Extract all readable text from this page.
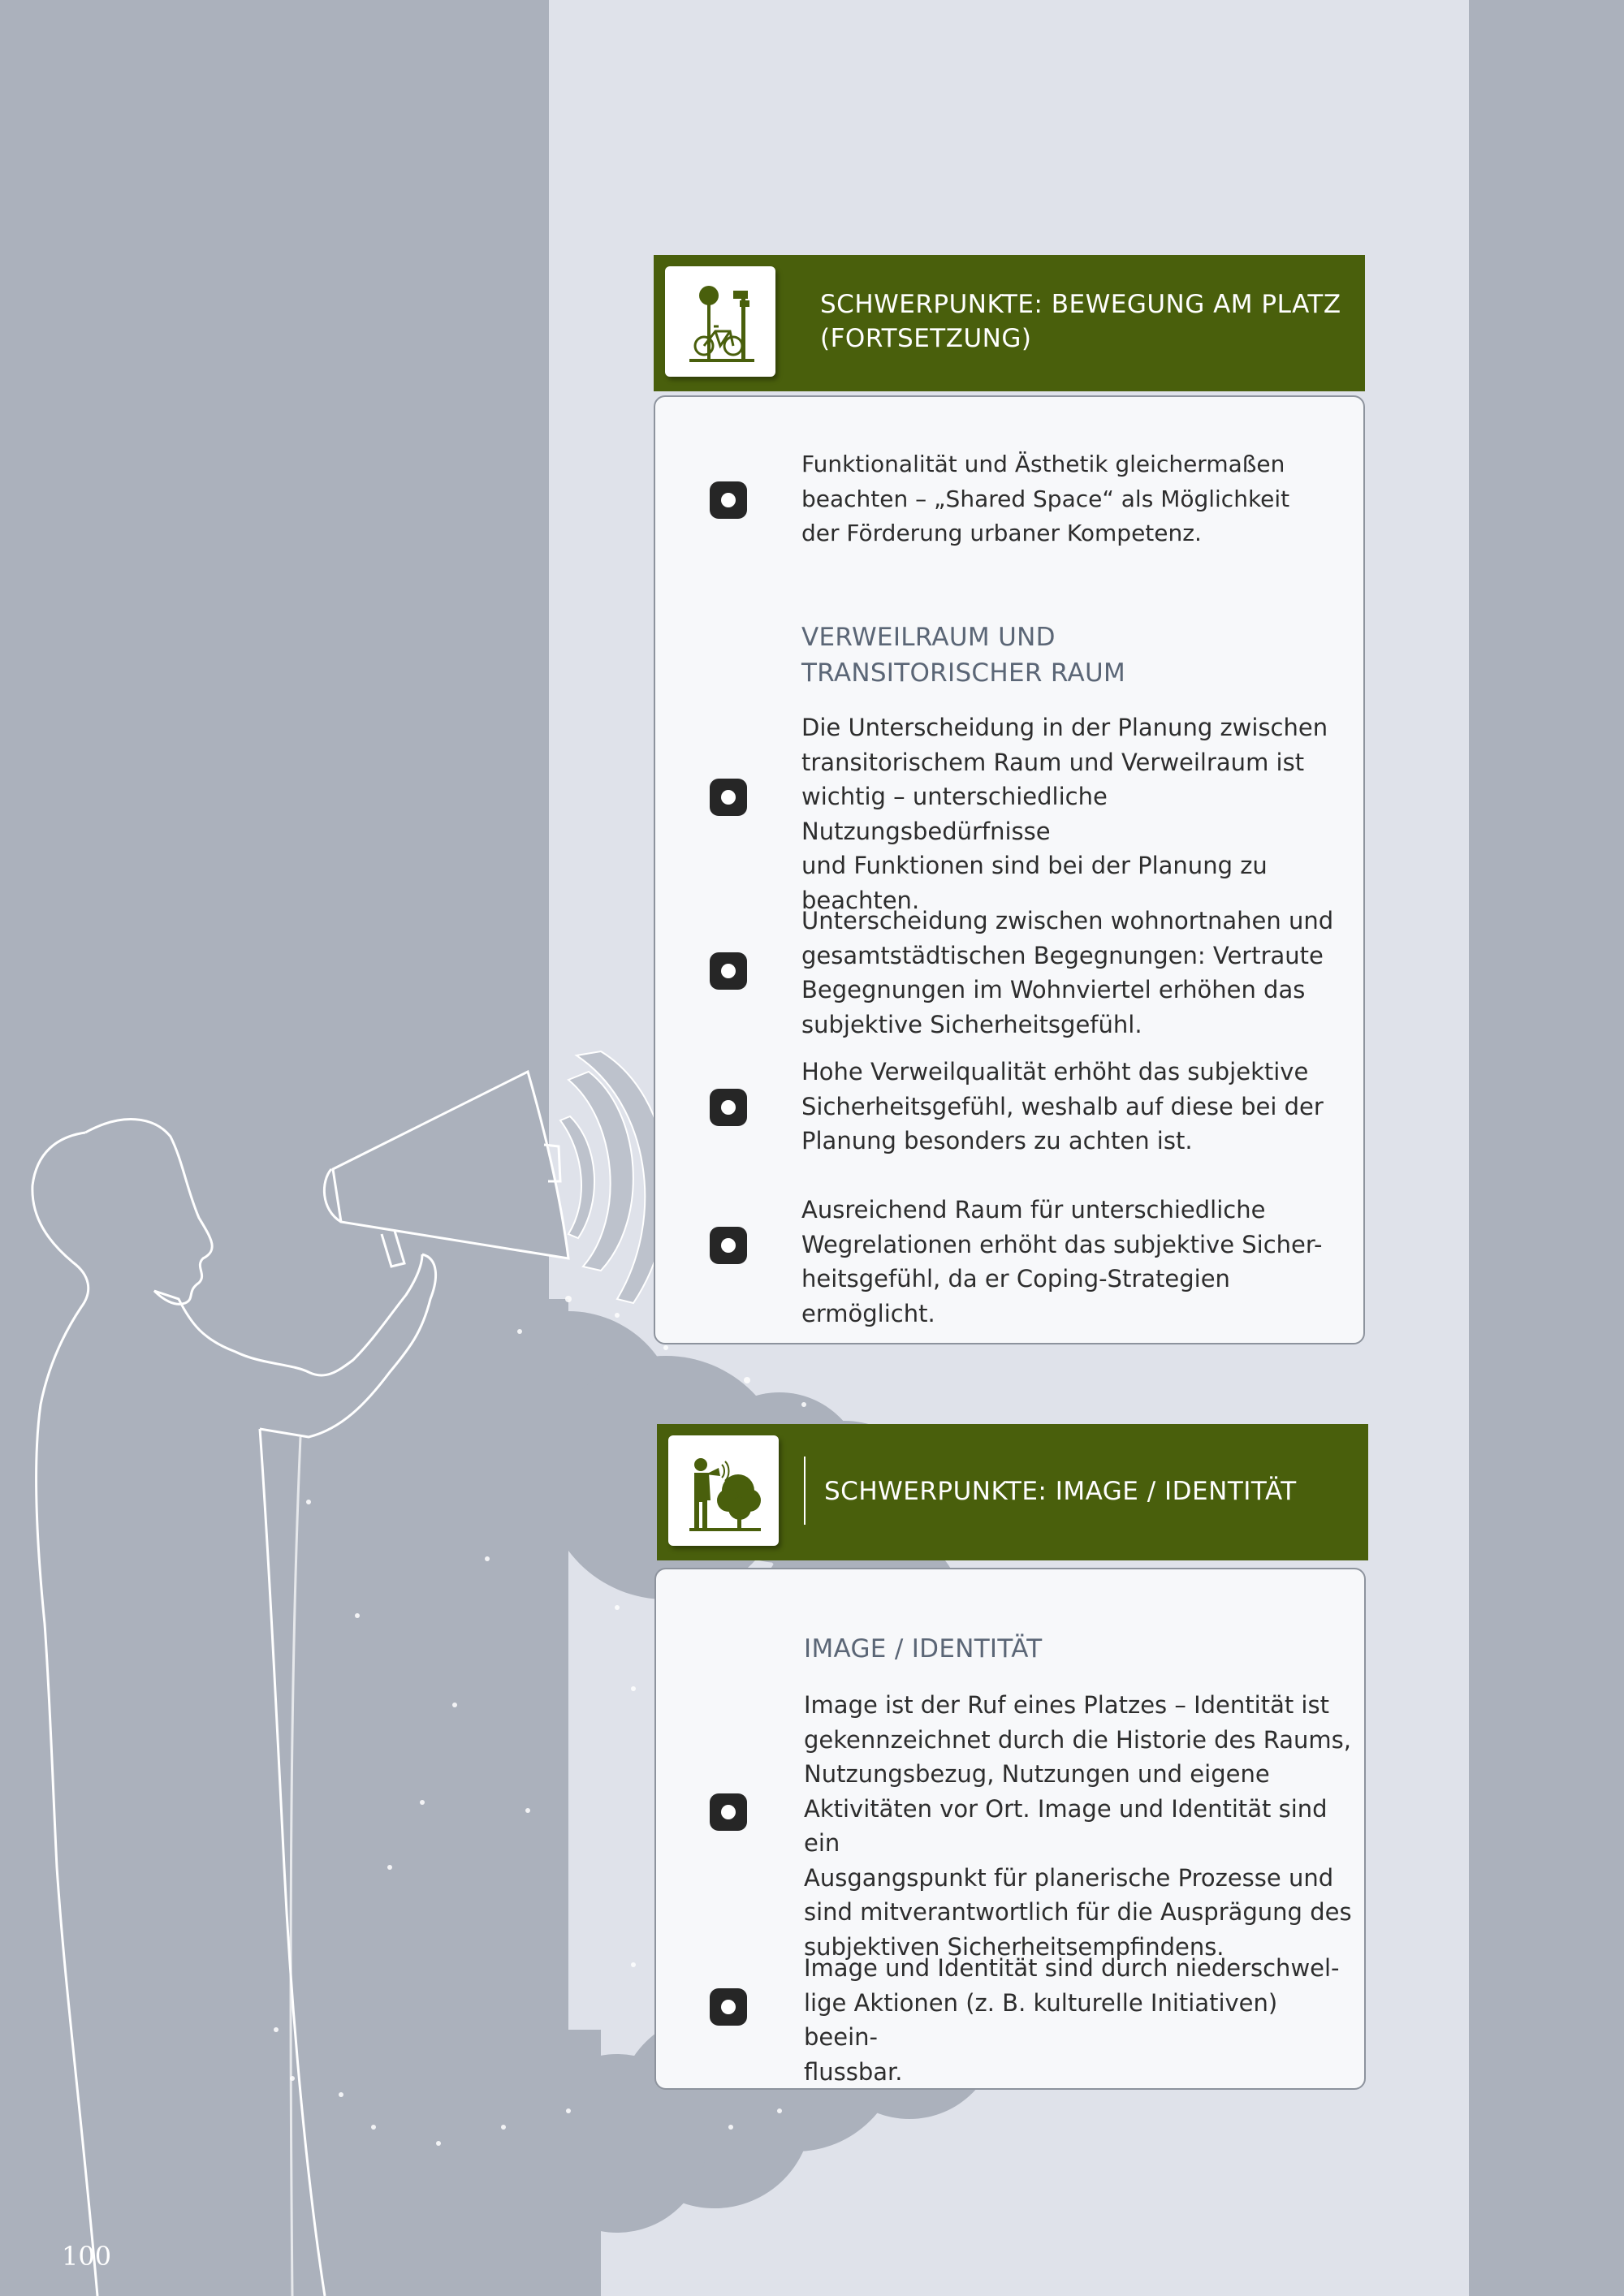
SCHWERPUNKTE: BEWEGUNG AM PLATZ
(FORTSETZUNG)
Funktionalität und Ästhetik gleichermaßen
beachten – „Shared Space“ als Möglichkeit
der Förderung urbaner Kompetenz.
VERWEILRAUM UND
TRANSITORISCHER RAUM
Die Unterscheidung in der Planung zwischen
transitorischem Raum und Verweilraum ist
wichtig – unterschiedliche Nutzungsbedürfnisse
und Funktionen sind bei der Planung zu
beachten.
Unterscheidung zwischen wohnortnahen und
gesamtstädtischen Begegnungen: Vertraute
Begegnungen im Wohnviertel erhöhen das
subjektive Sicherheitsgefühl.
Hohe Verweilqualität erhöht das subjektive
Sicherheitsgefühl, weshalb auf diese bei der
Planung besonders zu achten ist.
Ausreichend Raum für unterschiedliche
Wegrelationen erhöht das subjektive Sicher-
heitsgefühl, da er Coping-Strategien ermöglicht.
SCHWERPUNKTE: IMAGE / IDENTITÄT
IMAGE / IDENTITÄT
Image ist der Ruf eines Platzes – Identität ist
gekennzeichnet durch die Historie des Raums,
Nutzungsbezug, Nutzungen und eigene
Aktivitäten vor Ort. Image und Identität sind ein
Ausgangspunkt für planerische Prozesse und
sind mitverantwortlich für die Ausprägung des
subjektiven Sicherheitsempfindens.
Image und Identität sind durch niederschwel-
lige Aktionen (z. B. kulturelle Initiativen) beein-
flussbar.
100
